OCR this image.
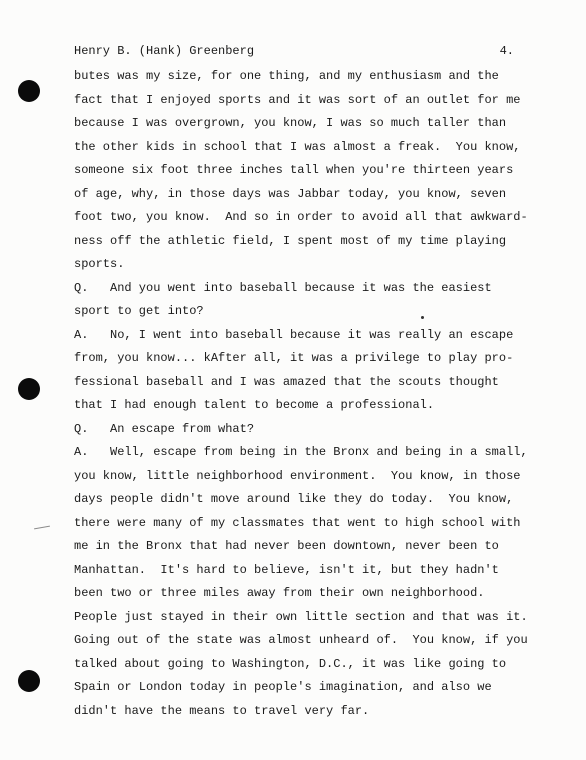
Henry B. (Hank) Greenberg	4.
butes was my size, for one thing, and my enthusiasm and the
fact that I enjoyed sports and it was sort of an outlet for me
because I was overgrown, you know, I was so much taller than
the other kids in school that I was almost a freak.  You know,
someone six foot three inches tall when you're thirteen years
of age, why, in those days was Jabbar today, you know, seven
foot two, you know.  And so in order to avoid all that awkward-
ness off the athletic field, I spent most of my time playing
sports.
Q.   And you went into baseball because it was the easiest
sport to get into?
A.   No, I went into baseball because it was really an escape
from, you know... kAfter all, it was a privilege to play pro-
fessional baseball and I was amazed that the scouts thought
that I had enough talent to become a professional.
Q.   An escape from what?
A.   Well, escape from being in the Bronx and being in a small,
you know, little neighborhood environment.  You know, in those
days people didn't move around like they do today.  You know,
there were many of my classmates that went to high school with
me in the Bronx that had never been downtown, never been to
Manhattan.  It's hard to believe, isn't it, but they hadn't
been two or three miles away from their own neighborhood.
People just stayed in their own little section and that was it.
Going out of the state was almost unheard of.  You know, if you
talked about going to Washington, D.C., it was like going to
Spain or London today in people's imagination, and also we
didn't have the means to travel very far.
